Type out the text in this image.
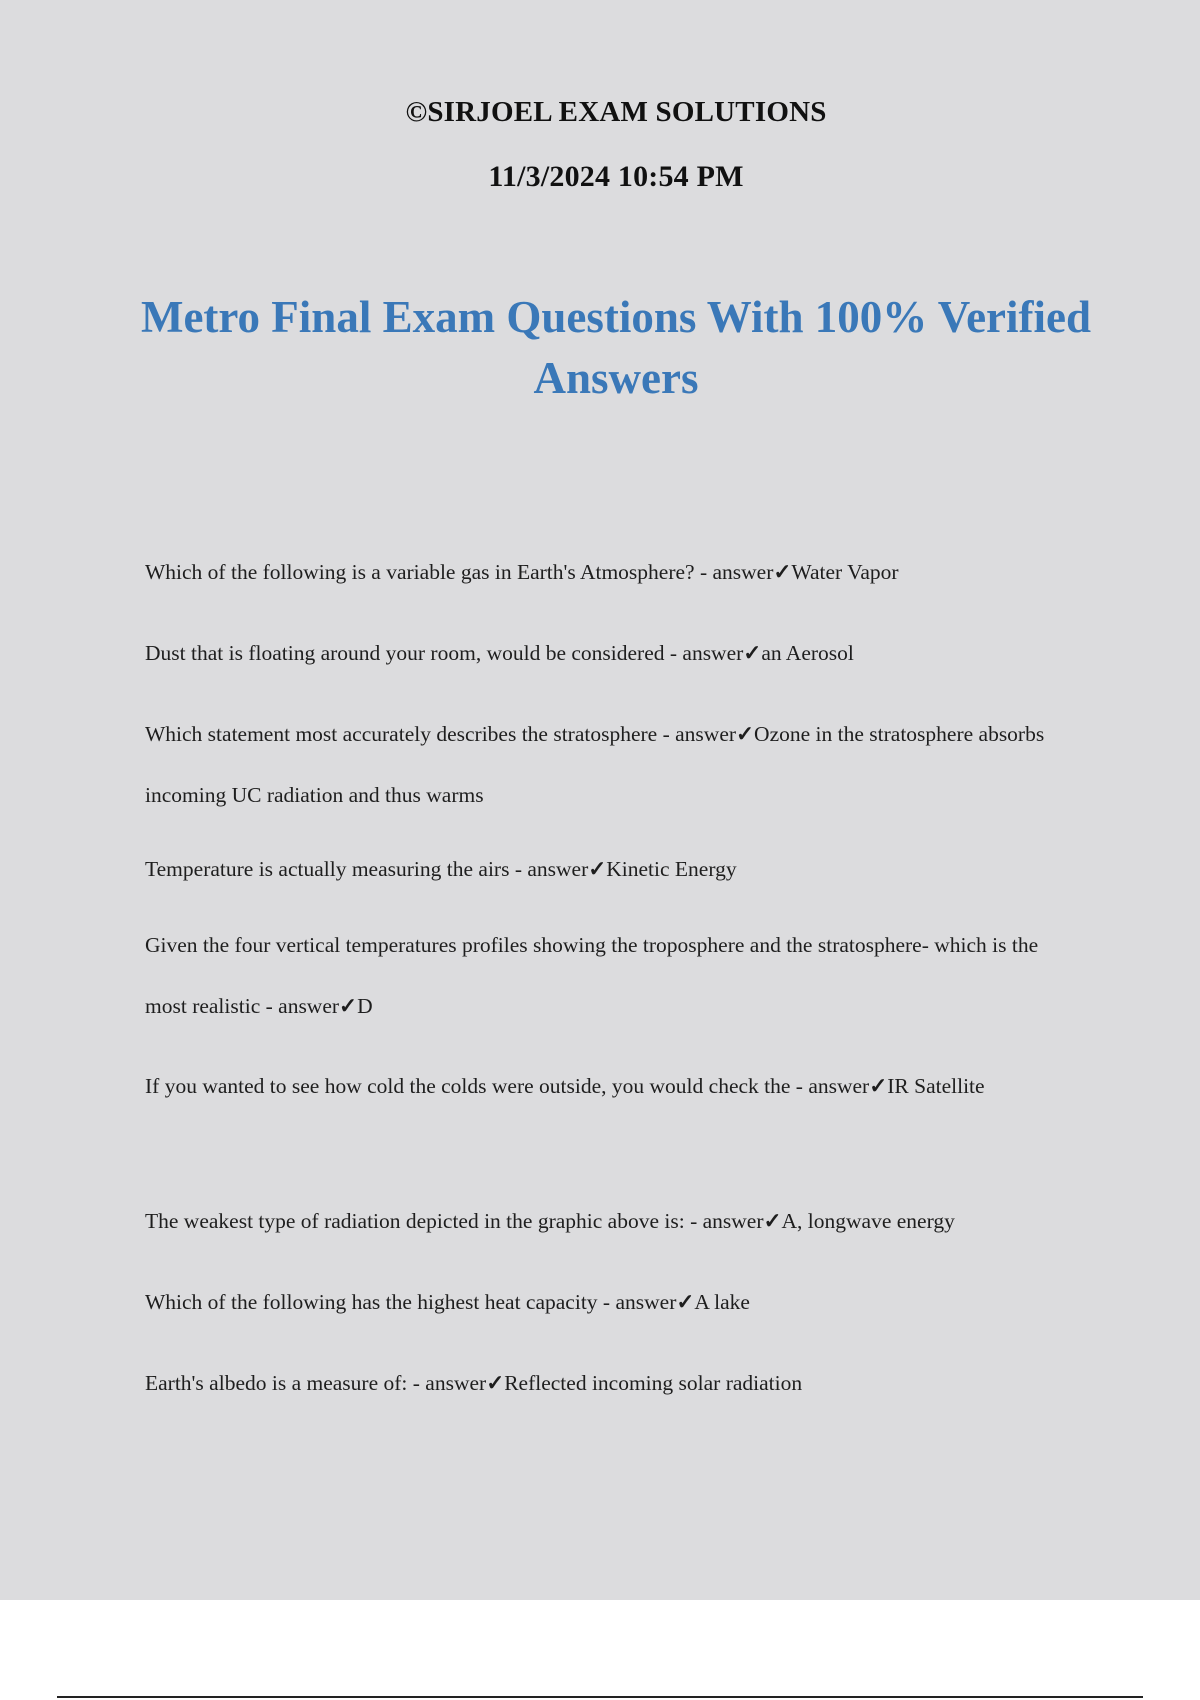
©SIRJOEL EXAM SOLUTIONS
11/3/2024 10:54 PM
Metro Final Exam Questions With 100% Verified Answers

Which of the following is a variable gas in Earth's Atmosphere? - answer✓Water Vapor

Dust that is floating around your room, would be considered - answer✓an Aerosol

Which statement most accurately describes the stratosphere - answer✓Ozone in the stratosphere absorbs incoming UC radiation and thus warms

Temperature is actually measuring the airs - answer✓Kinetic Energy

Given the four vertical temperatures profiles showing the troposphere and the stratosphere- which is the most realistic - answer✓D

If you wanted to see how cold the colds were outside, you would check the - answer✓IR Satellite

The weakest type of radiation depicted in the graphic above is: - answer✓A, longwave energy

Which of the following has the highest heat capacity - answer✓A lake

Earth's albedo is a measure of: - answer✓Reflected incoming solar radiation
